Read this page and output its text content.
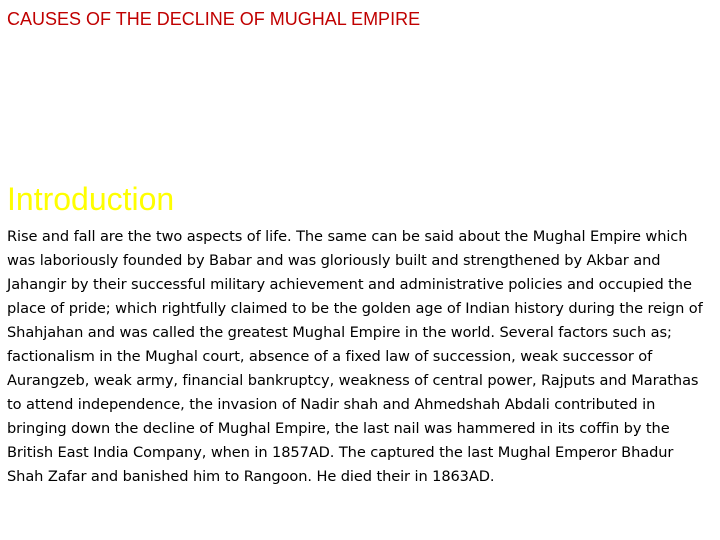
CAUSES OF THE DECLINE OF MUGHAL EMPIRE
Introduction

Rise and fall are the two aspects of life. The same can be said about the Mughal Empire which was laboriously founded by Babar and was gloriously built and strengthened by Akbar and Jahangir by their successful military achievement and administrative policies and occupied the place of pride; which rightfully claimed to be the golden age of Indian history during the reign of Shahjahan and was called the greatest Mughal Empire in the world. Several factors such as; factionalism in the Mughal court, absence of a fixed law of succession, weak successor of Aurangzeb, weak army, financial bankruptcy, weakness of central power, Rajputs and Marathas to attend independence, the invasion of Nadir shah and Ahmedshah Abdali contributed in bringing down the decline of Mughal Empire, the last nail was hammered in its coffin by the British East India Company, when in 1857AD. The captured the last Mughal Emperor Bhadur Shah Zafar and banished him to Rangoon. He died their in 1863AD.
